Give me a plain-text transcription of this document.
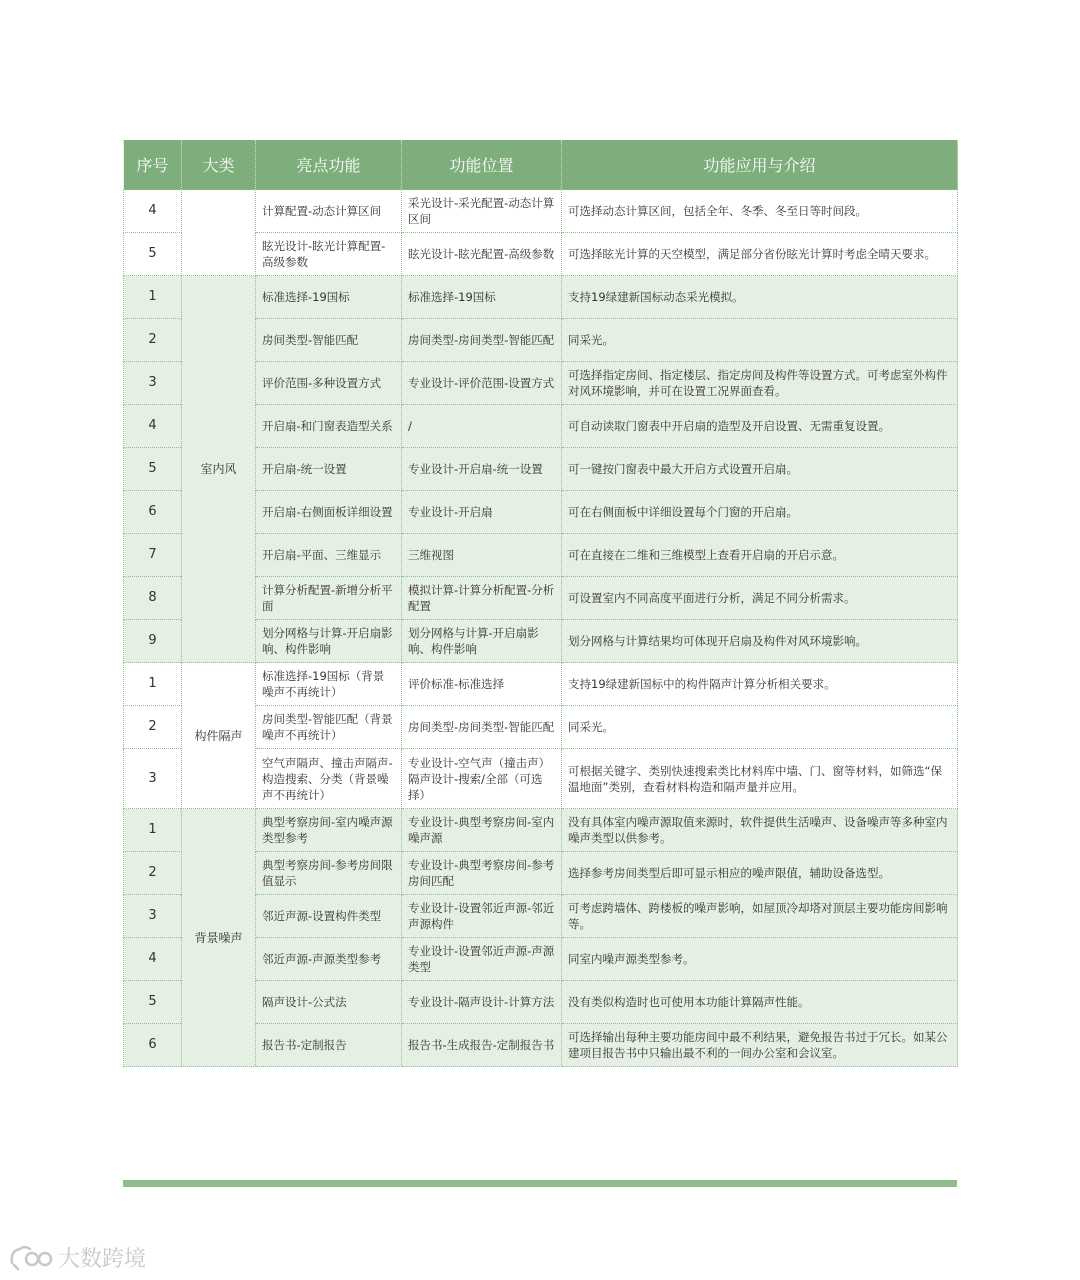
序号	大类	亮点功能	功能位置	功能应用与介绍
4		计算配置-动态计算区间	采光设计-采光配置-动态计算区间	可选择动态计算区间，包括全年、冬季、冬至日等时间段。
5		眩光设计-眩光计算配置-高级参数	眩光设计-眩光配置-高级参数	可选择眩光计算的天空模型，满足部分省份眩光计算时考虑全晴天要求。
1	室内风	标准选择-19国标	标准选择-19国标	支持19绿建新国标动态采光模拟。
2		房间类型-智能匹配	房间类型-房间类型-智能匹配	同采光。
3		评价范围-多种设置方式	专业设计-评价范围-设置方式	可选择指定房间、指定楼层、指定房间及构件等设置方式。可考虑室外构件对风环境影响，并可在设置工况界面查看。
4		开启扇-和门窗表造型关系	/	可自动读取门窗表中开启扇的造型及开启设置、无需重复设置。
5		开启扇-统一设置	专业设计-开启扇-统一设置	可一键按门窗表中最大开启方式设置开启扇。
6		开启扇-右侧面板详细设置	专业设计-开启扇	可在右侧面板中详细设置每个门窗的开启扇。
7		开启扇-平面、三维显示	三维视图	可在直接在二维和三维模型上查看开启扇的开启示意。
8		计算分析配置-新增分析平面	模拟计算-计算分析配置-分析配置	可设置室内不同高度平面进行分析，满足不同分析需求。
9		划分网格与计算-开启扇影响、构件影响	划分网格与计算-开启扇影响、构件影响	划分网格与计算结果均可体现开启扇及构件对风环境影响。
1	构件隔声	标准选择-19国标（背景噪声不再统计）	评价标准-标准选择	支持19绿建新国标中的构件隔声计算分析相关要求。
2		房间类型-智能匹配（背景噪声不再统计）	房间类型-房间类型-智能匹配	同采光。
3		空气声隔声、撞击声隔声-构造搜索、分类（背景噪声不再统计）	专业设计-空气声（撞击声）隔声设计-搜索/全部（可选择）	可根据关键字、类别快速搜索类比材料库中墙、门、窗等材料，如筛选“保温地面”类别，查看材料构造和隔声量并应用。
1	背景噪声	典型考察房间-室内噪声源类型参考	专业设计-典型考察房间-室内噪声源	没有具体室内噪声源取值来源时，软件提供生活噪声、设备噪声等多种室内噪声类型以供参考。
2		典型考察房间-参考房间限值显示	专业设计-典型考察房间-参考房间匹配	选择参考房间类型后即可显示相应的噪声限值，辅助设备选型。
3		邻近声源-设置构件类型	专业设计-设置邻近声源-邻近声源构件	可考虑跨墙体、跨楼板的噪声影响，如屋顶冷却塔对顶层主要功能房间影响等。
4		邻近声源-声源类型参考	专业设计-设置邻近声源-声源类型	同室内噪声源类型参考。
5		隔声设计-公式法	专业设计-隔声设计-计算方法	没有类似构造时也可使用本功能计算隔声性能。
6		报告书-定制报告	报告书-生成报告-定制报告书	可选择输出每种主要功能房间中最不利结果，避免报告书过于冗长。如某公建项目报告书中只输出最不利的一间办公室和会议室。
大数跨境
